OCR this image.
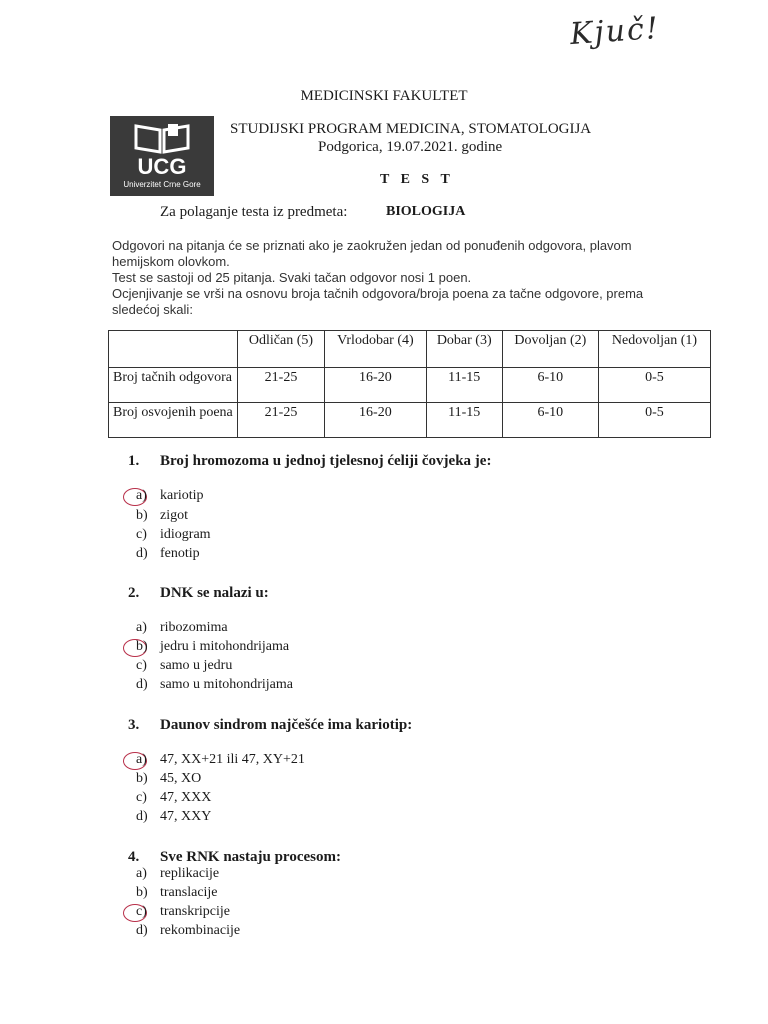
Kjuč!
MEDICINSKI FAKULTET
UCG
Univerzitet Crne Gore
STUDIJSKI PROGRAM MEDICINA, STOMATOLOGIJA
Podgorica, 19.07.2021. godine
T E S T
Za polaganje testa iz predmeta:	BIOLOGIJA
Odgovori na pitanja će se priznati ako je zaokružen jedan od ponuđenih odgovora, plavom hemijskom olovkom.
Test se sastoji od 25 pitanja. Svaki tačan odgovor nosi 1 poen.
Ocjenjivanje se vrši na osnovu broja tačnih odgovora/broja poena za tačne odgovore, prema sledećoj skali:
	Odličan (5)	Vrlodobar (4)	Dobar (3)	Dovoljan (2)	Nedovoljan (1)
Broj tačnih odgovora	21-25	16-20	11-15	6-10	0-5
Broj osvojenih poena	21-25	16-20	11-15	6-10	0-5
1. Broj hromozoma u jednoj tjelesnoj ćeliji čovjeka je:
a) kariotip
b) zigot
c) idiogram
d) fenotip
2. DNK se nalazi u:
a) ribozomima
b) jedru i mitohondrijama
c) samo u jedru
d) samo u mitohondrijama
3. Daunov sindrom najčešće ima kariotip:
a) 47, XX+21 ili 47, XY+21
b) 45, XO
c) 47, XXX
d) 47, XXY
4. Sve RNK nastaju procesom:
a) replikacije
b) translacije
c) transkripcije
d) rekombinacije
